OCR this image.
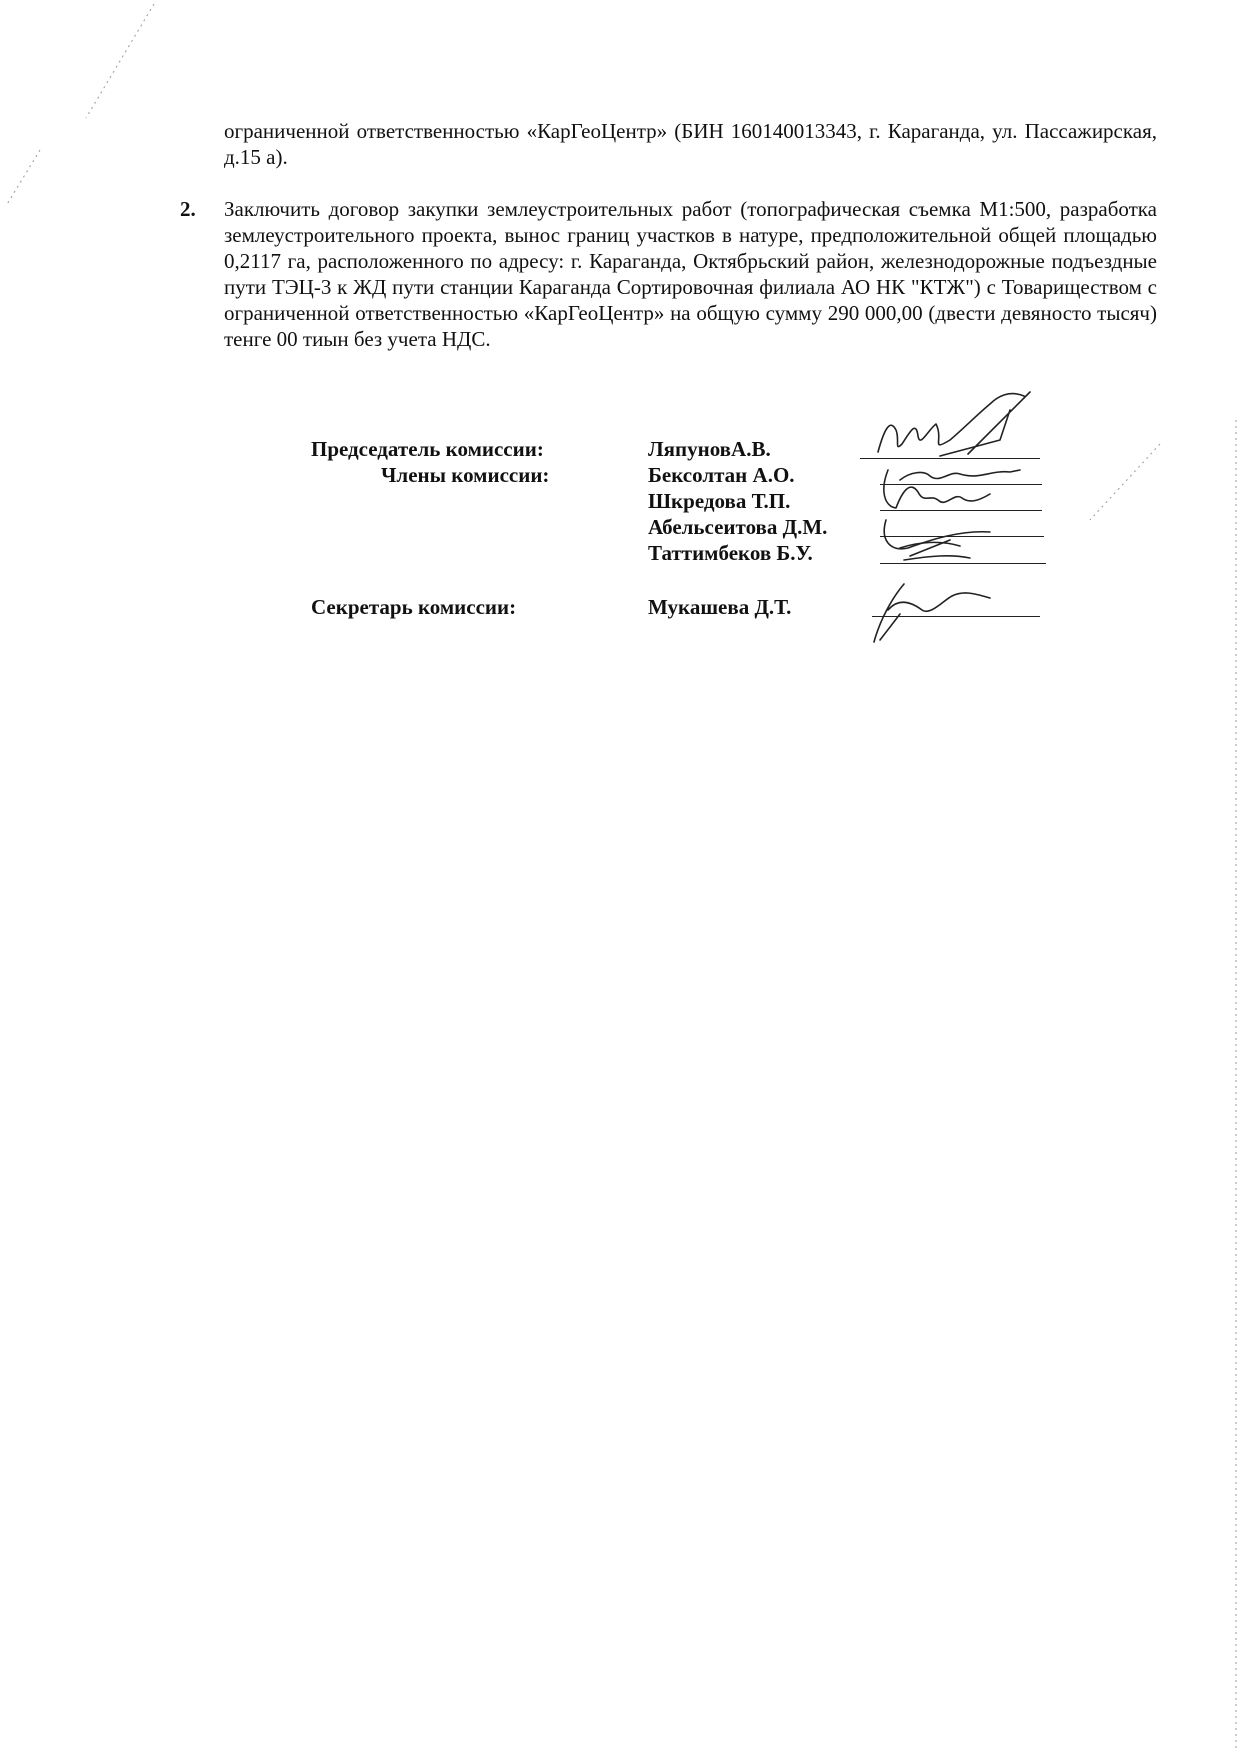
ограниченной ответственностью «КарГеоЦентр» (БИН 160140013343, г. Караганда, ул. Пассажирская, д.15 а).
2. Заключить договор закупки землеустроительных работ (топографическая съемка М1:500, разработка землеустроительного проекта, вынос границ участков в натуре, предположительной общей площадью 0,2117 га, расположенного по адресу: г. Караганда, Октябрьский район, железнодорожные подъездные пути ТЭЦ-3 к ЖД пути станции Караганда Сортировочная филиала АО НК "КТЖ") с Товариществом с ограниченной ответственностью «КарГеоЦентр» на общую сумму 290 000,00 (двести девяносто тысяч) тенге 00 тиын без учета НДС.
Председатель комиссии:
Члены комиссии:
Секретарь комиссии:
ЛяпуновА.В.
Бексолтан А.О.
Шкредова Т.П.
Абельсеитова Д.М.
Таттимбеков Б.У.
Мукашева Д.Т.
